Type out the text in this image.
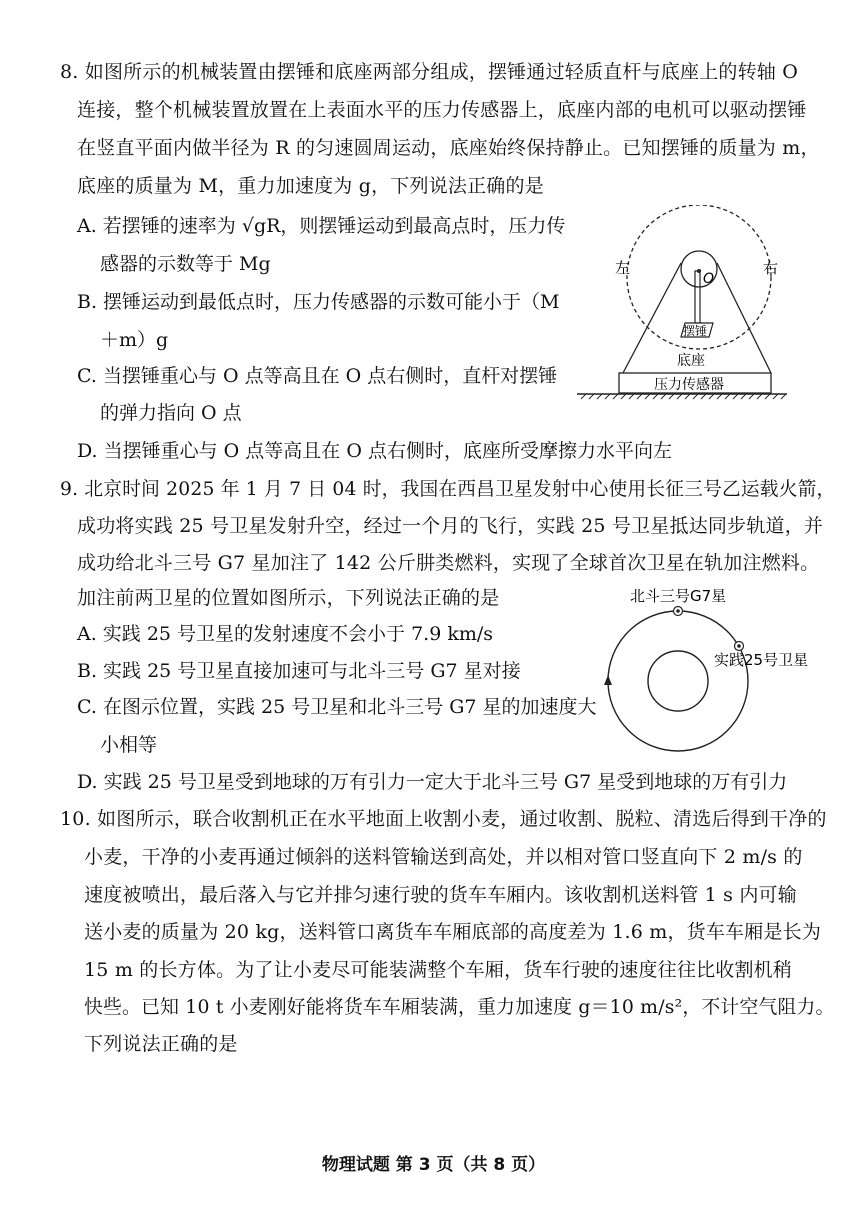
8. 如图所示的机械装置由摆锤和底座两部分组成，摆锤通过轻质直杆与底座上的转轴 O
连接，整个机械装置放置在上表面水平的压力传感器上，底座内部的电机可以驱动摆锤
在竖直平面内做半径为 R 的匀速圆周运动，底座始终保持静止。已知摆锤的质量为 m，
底座的质量为 M，重力加速度为 g，下列说法正确的是
A. 若摆锤的速率为 √gR，则摆锤运动到最高点时，压力传
感器的示数等于 Mg
B. 摆锤运动到最低点时，压力传感器的示数可能小于（M
＋m）g
C. 当摆锤重心与 O 点等高且在 O 点右侧时，直杆对摆锤
的弹力指向 O 点
D. 当摆锤重心与 O 点等高且在 O 点右侧时，底座所受摩擦力水平向左
左	右
O
摆锤
底座
压力传感器
9. 北京时间 2025 年 1 月 7 日 04 时，我国在西昌卫星发射中心使用长征三号乙运载火箭，
成功将实践 25 号卫星发射升空，经过一个月的飞行，实践 25 号卫星抵达同步轨道，并
成功给北斗三号 G7 星加注了 142 公斤肼类燃料，实现了全球首次卫星在轨加注燃料。
加注前两卫星的位置如图所示，下列说法正确的是
A. 实践 25 号卫星的发射速度不会小于 7.9 km/s
B. 实践 25 号卫星直接加速可与北斗三号 G7 星对接
C. 在图示位置，实践 25 号卫星和北斗三号 G7 星的加速度大
小相等
D. 实践 25 号卫星受到地球的万有引力一定大于北斗三号 G7 星受到地球的万有引力
北斗三号G7星
实践25号卫星
10. 如图所示，联合收割机正在水平地面上收割小麦，通过收割、脱粒、清选后得到干净的
小麦，干净的小麦再通过倾斜的送料管输送到高处，并以相对管口竖直向下 2 m/s 的
速度被喷出，最后落入与它并排匀速行驶的货车车厢内。该收割机送料管 1 s 内可输
送小麦的质量为 20 kg，送料管口离货车车厢底部的高度差为 1.6 m，货车车厢是长为
15 m 的长方体。为了让小麦尽可能装满整个车厢，货车行驶的速度往往比收割机稍
快些。已知 10 t 小麦刚好能将货车车厢装满，重力加速度 g＝10 m/s²，不计空气阻力。
下列说法正确的是
物理试题 第 3 页（共 8 页）
